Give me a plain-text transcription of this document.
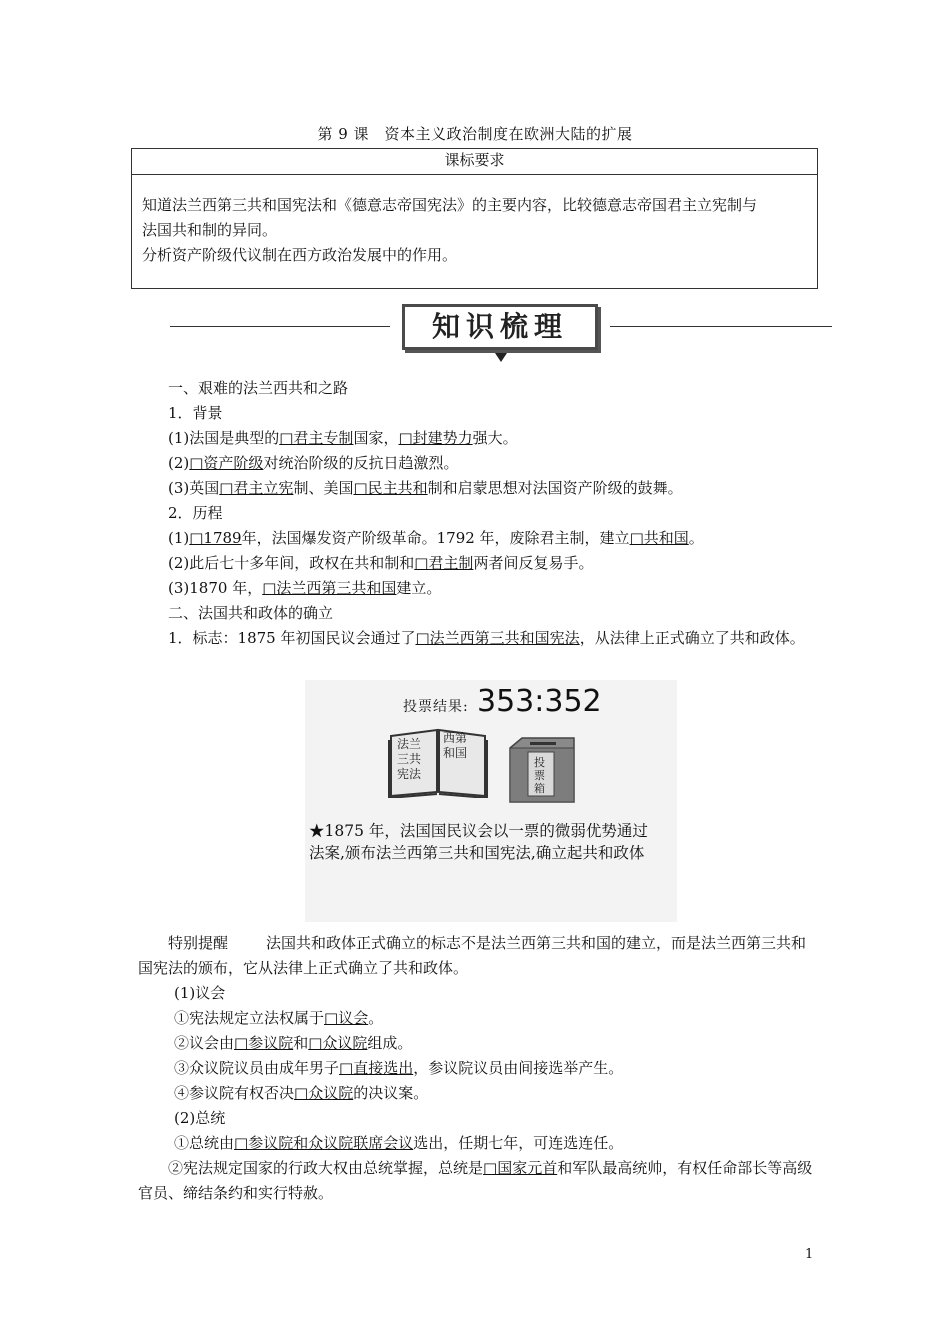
第 9 课　资本主义政治制度在欧洲大陆的扩展
课标要求
知道法兰西第三共和国宪法和《德意志帝国宪法》的主要内容，比较德意志帝国君主立宪制与
法国共和制的异同。
分析资产阶级代议制在西方政治发展中的作用。
知识梳理
一、艰难的法兰西共和之路
1．背景
(1)法国是典型的□君主专制国家，□封建势力强大。
(2)□资产阶级对统治阶级的反抗日趋激烈。
(3)英国□君主立宪制、美国□民主共和制和启蒙思想对法国资产阶级的鼓舞。
2．历程
(1)□1789年，法国爆发资产阶级革命。1792 年，废除君主制，建立□共和国。
(2)此后七十多年间，政权在共和制和□君主制两者间反复易手。
(3)1870 年，□法兰西第三共和国建立。
二、法国共和政体的确立
1．标志：1875 年初国民议会通过了□法兰西第三共和国宪法，从法律上正式确立了共和政体。
投票结果: 353:352
法兰
三共
宪法
西第
和国
投
票
箱
★1875 年，法国国民议会以一票的微弱优势通过
法案,颁布法兰西第三共和国宪法,确立起共和政体
特别提醒	法国共和政体正式确立的标志不是法兰西第三共和国的建立，而是法兰西第三共和国宪法的颁布，它从法律上正式确立了共和政体。
(1)议会
①宪法规定立法权属于□议会。
②议会由□参议院和□众议院组成。
③众议院议员由成年男子□直接选出，参议院议员由间接选举产生。
④参议院有权否决□众议院的决议案。
(2)总统
①总统由□参议院和众议院联席会议选出，任期七年，可连选连任。
②宪法规定国家的行政大权由总统掌握，总统是□国家元首和军队最高统帅，有权任命部长等高级官员、缔结条约和实行特赦。
1
